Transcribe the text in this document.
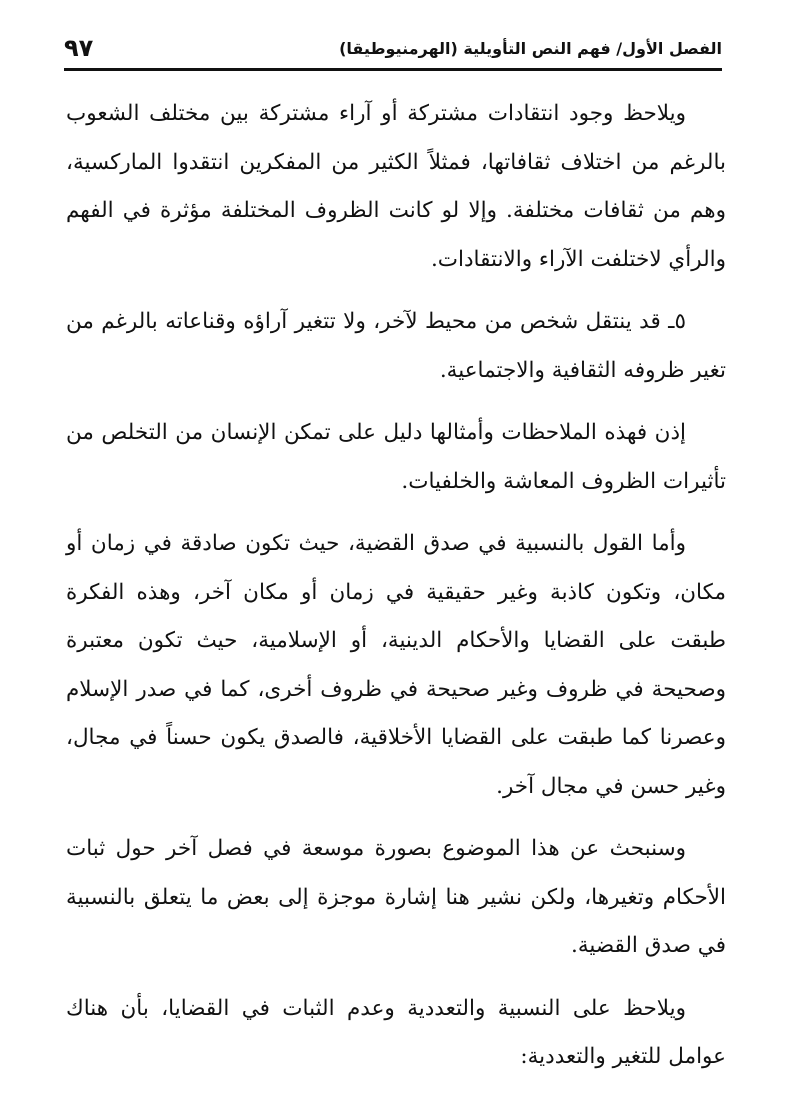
٩٧	الفصل الأول/ فهم النص التأويلية (الهرمنيوطيقا)

ويلاحظ وجود انتقادات مشتركة أو آراء مشتركة بين مختلف الشعوب بالرغم من اختلاف ثقافاتها، فمثلاً الكثير من المفكرين انتقدوا الماركسية، وهم من ثقافات مختلفة. وإلا لو كانت الظروف المختلفة مؤثرة في الفهم والرأي لاختلفت الآراء والانتقادات.

٥ـ قد ينتقل شخص من محيط لآخر، ولا تتغير آراؤه وقناعاته بالرغم من تغير ظروفه الثقافية والاجتماعية.

إذن فهذه الملاحظات وأمثالها دليل على تمكن الإنسان من التخلص من تأثيرات الظروف المعاشة والخلفيات.

وأما القول بالنسبية في صدق القضية، حيث تكون صادقة في زمان أو مكان، وتكون كاذبة وغير حقيقية في زمان أو مكان آخر، وهذه الفكرة طبقت على القضايا والأحكام الدينية، أو الإسلامية، حيث تكون معتبرة وصحيحة في ظروف وغير صحيحة في ظروف أخرى، كما في صدر الإسلام وعصرنا كما طبقت على القضايا الأخلاقية، فالصدق يكون حسناً في مجال، وغير حسن في مجال آخر.

وسنبحث عن هذا الموضوع بصورة موسعة في فصل آخر حول ثبات الأحكام وتغيرها، ولكن نشير هنا إشارة موجزة إلى بعض ما يتعلق بالنسبية في صدق القضية.

ويلاحظ على النسبية والتعددية وعدم الثبات في القضايا، بأن هناك عوامل للتغير والتعددية:
